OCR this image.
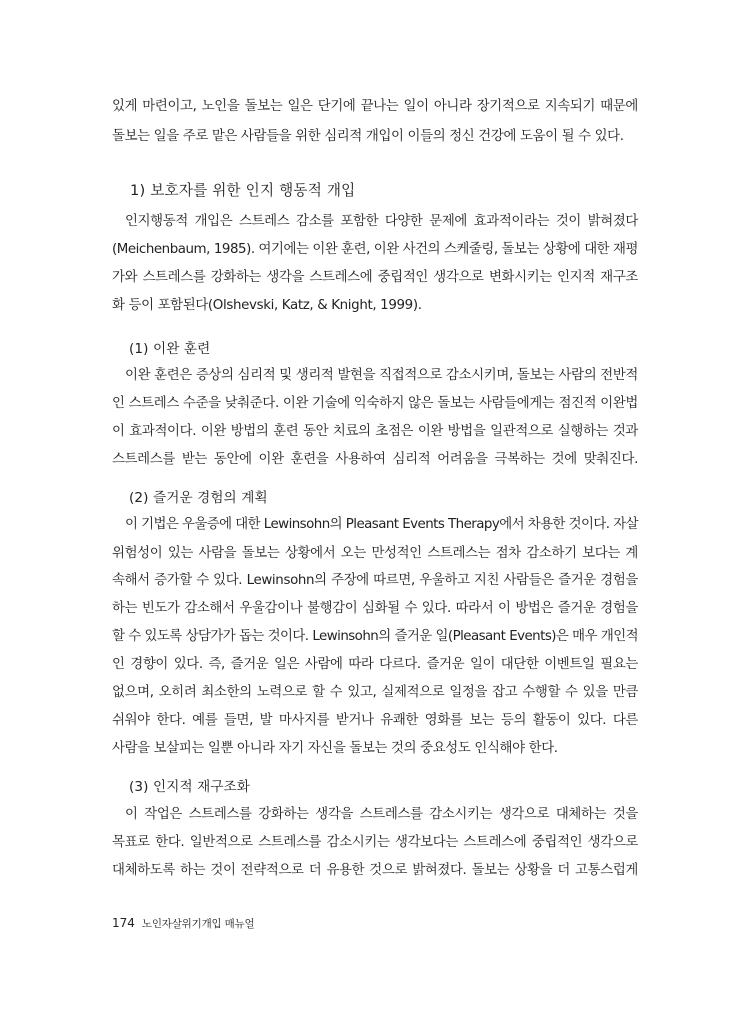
있게 마련이고, 노인을 돌보는 일은 단기에 끝나는 일이 아니라 장기적으로 지속되기 때문에
돌보는 일을 주로 맡은 사람들을 위한 심리적 개입이 이들의 정신 건강에 도움이 될 수 있다.
1) 보호자를 위한 인지 행동적 개입
인지행동적 개입은 스트레스 감소를 포함한 다양한 문제에 효과적이라는 것이 밝혀졌다
(Meichenbaum, 1985). 여기에는 이완 훈련, 이완 사건의 스케줄링, 돌보는 상황에 대한 재평
가와 스트레스를 강화하는 생각을 스트레스에 중립적인 생각으로 변화시키는 인지적 재구조
화 등이 포함된다(Olshevski, Katz, & Knight, 1999).
(1) 이완 훈련
이완 훈련은 증상의 심리적 및 생리적 발현을 직접적으로 감소시키며, 돌보는 사람의 전반적
인 스트레스 수준을 낮춰준다. 이완 기술에 익숙하지 않은 돌보는 사람들에게는 점진적 이완법
이 효과적이다. 이완 방법의 훈련 동안 치료의 초점은 이완 방법을 일관적으로 실행하는 것과
스트레스를 받는 동안에 이완 훈련을 사용하여 심리적 어려움을 극복하는 것에 맞춰진다.
(2) 즐거운 경험의 계획
이 기법은 우울증에 대한 Lewinsohn의 Pleasant Events Therapy에서 차용한 것이다. 자살
위험성이 있는 사람을 돌보는 상황에서 오는 만성적인 스트레스는 점차 감소하기 보다는 계
속해서 증가할 수 있다. Lewinsohn의 주장에 따르면, 우울하고 지친 사람들은 즐거운 경험을
하는 빈도가 감소해서 우울감이나 불행감이 심화될 수 있다. 따라서 이 방법은 즐거운 경험을
할 수 있도록 상담가가 돕는 것이다. Lewinsohn의 즐거운 일(Pleasant Events)은 매우 개인적
인 경향이 있다. 즉, 즐거운 일은 사람에 따라 다르다. 즐거운 일이 대단한 이벤트일 필요는
없으며, 오히려 최소한의 노력으로 할 수 있고, 실제적으로 일정을 잡고 수행할 수 있을 만큼
쉬워야 한다. 예를 들면, 발 마사지를 받거나 유쾌한 영화를 보는 등의 활동이 있다. 다른
사람을 보살피는 일뿐 아니라 자기 자신을 돌보는 것의 중요성도 인식해야 한다.
(3) 인지적 재구조화
이 작업은 스트레스를 강화하는 생각을 스트레스를 감소시키는 생각으로 대체하는 것을
목표로 한다. 일반적으로 스트레스를 감소시키는 생각보다는 스트레스에 중립적인 생각으로
대체하도록 하는 것이 전략적으로 더 유용한 것으로 밝혀졌다. 돌보는 상황을 더 고통스럽게
174 노인자살위기개입 매뉴얼
